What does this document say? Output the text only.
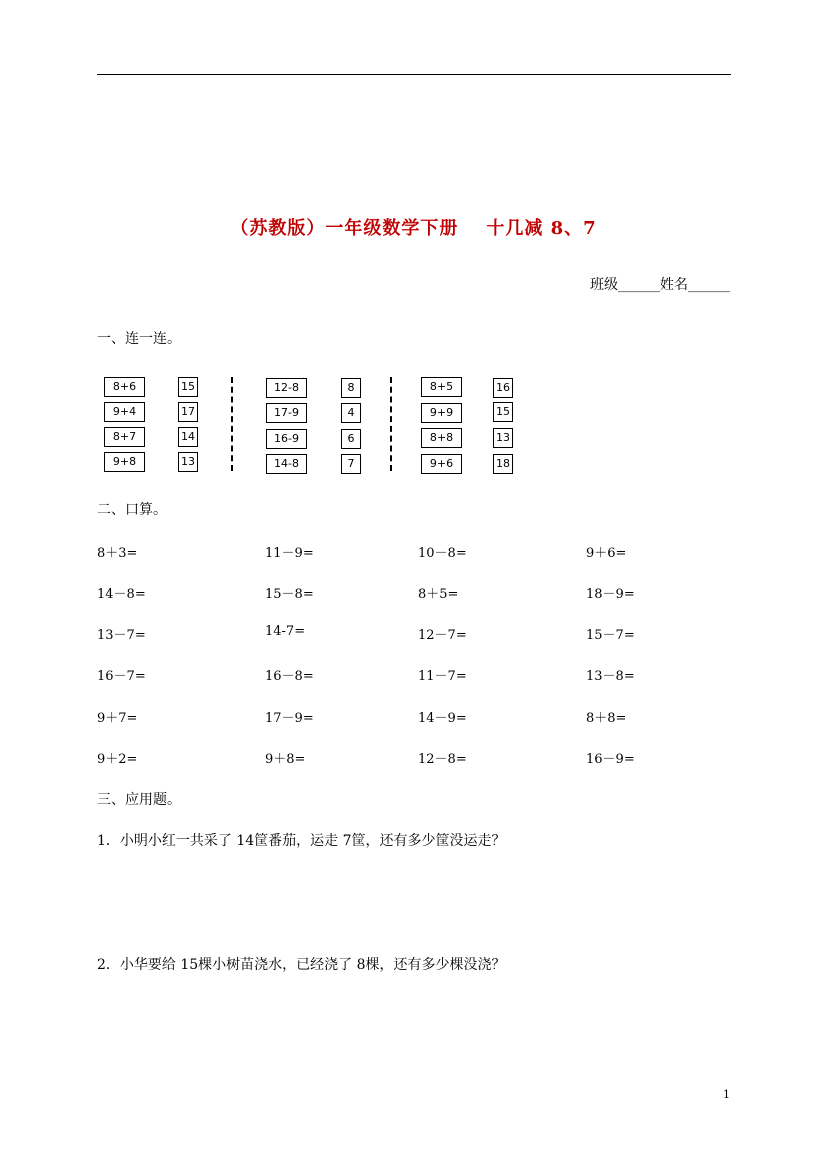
（苏教版）一年级数学下册 十几减 8、7
班级______姓名______
一、连一连。
8+6
9+4
8+7
9+8
15
17
14
13
12-8
17-9
16-9
14-8
8
4
6
7
8+5
9+9
8+8
9+6
16
15
13
18
二、口算。
8＋3=	11－9=	10－8=	9＋6=
14－8=	15－8=	8＋5=	18－9=
13－7=	14-7=	12－7=	15－7=
16－7=	16－8=	11－7=	13－8=
9＋7=	17－9=	14－9=	8＋8=
9＋2=	9＋8=	12－8=	16－9=
三、应用题。
1．小明小红一共采了 14筐番茄，运走 7筐，还有多少筐没运走？
2．小华要给 15棵小树苗浇水，已经浇了 8棵，还有多少棵没浇？
1
